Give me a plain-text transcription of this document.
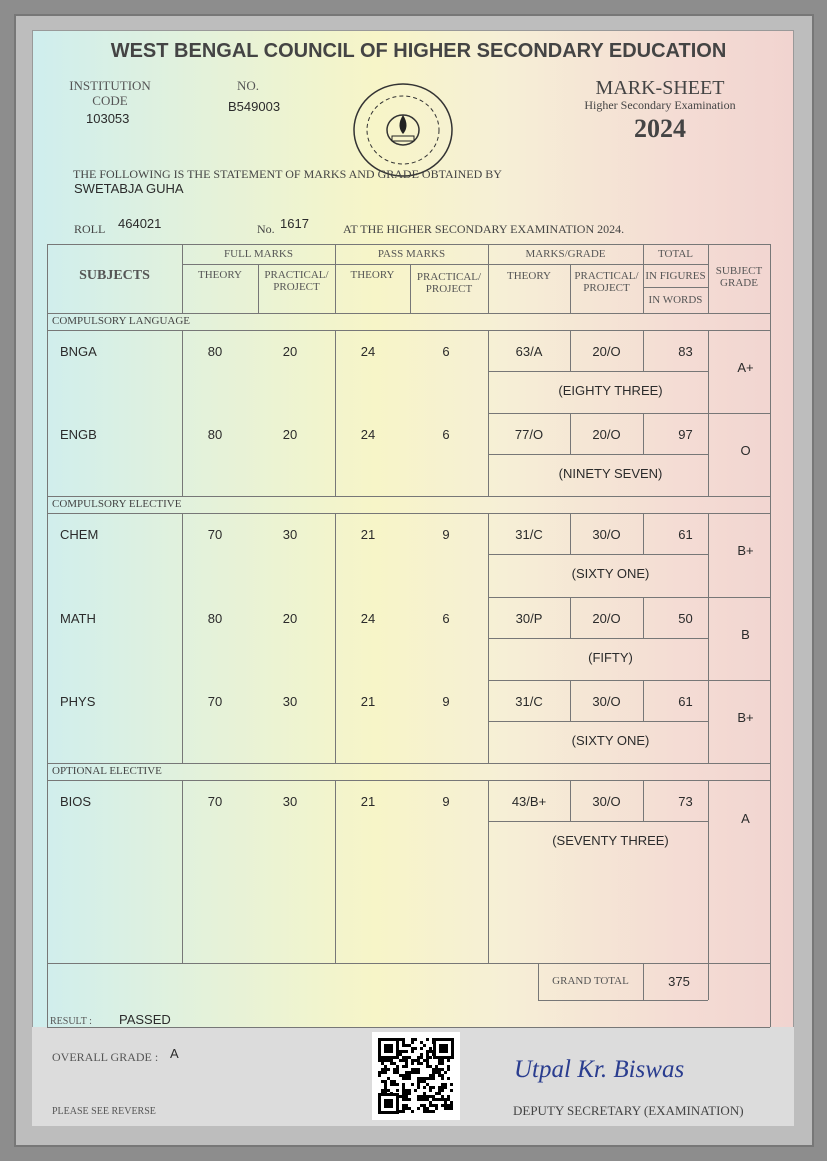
WEST BENGAL COUNCIL OF HIGHER SECONDARY EDUCATION
INSTITUTION
CODE
103053
NO.
B549003
MARK-SHEET
Higher Secondary Examination
2024
THE FOLLOWING IS THE STATEMENT OF MARKS AND GRADE OBTAINED BY
SWETABJA GUHA
ROLL 464021	No. 1617	AT THE HIGHER SECONDARY EXAMINATION 2024.
SUBJECTS
FULL MARKS	PASS MARKS	MARKS/GRADE	TOTAL
THEORY	PRACTICAL/
PROJECT
THEORY	PRACTICAL/
PROJECT
THEORY	PRACTICAL/
PROJECT
IN FIGURES
IN WORDS
SUBJECT
GRADE
COMPULSORY LANGUAGE
BNGA	80	20	24	6	63/A	20/O	83
(EIGHTY THREE)
A+
ENGB	80	20	24	6	77/O	20/O	97
(NINETY SEVEN)
O
COMPULSORY ELECTIVE
CHEM	70	30	21	9	31/C	30/O	61
(SIXTY ONE)
B+
MATH	80	20	24	6	30/P	20/O	50
(FIFTY)
B
PHYS	70	30	21	9	31/C	30/O	61
(SIXTY ONE)
B+
OPTIONAL ELECTIVE
BIOS	70	30	21	9	43/B+	30/O	73
(SEVENTY THREE)
A
GRAND TOTAL	375
RESULT : PASSED
OVERALL GRADE : A
Utpal Kr. Biswas
PLEASE SEE REVERSE	DEPUTY SECRETARY (EXAMINATION)
